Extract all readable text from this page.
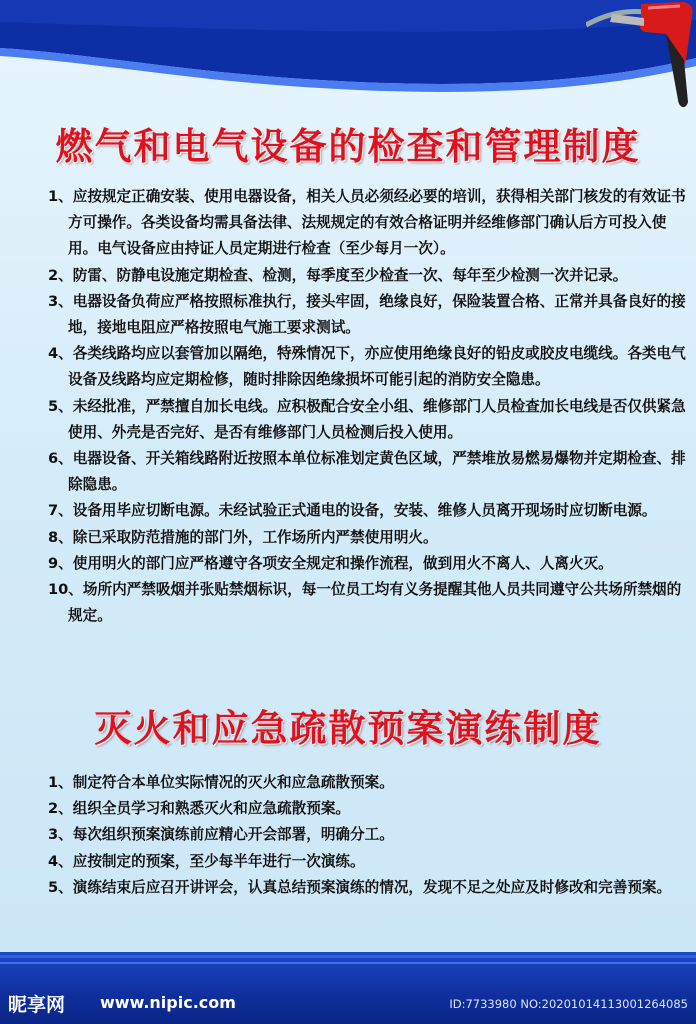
燃气和电气设备的检查和管理制度

1、应按规定正确安装、使用电器设备，相关人员必须经必要的培训，获得相关部门核发的有效证书方可操作。各类设备均需具备法律、法规规定的有效合格证明并经维修部门确认后方可投入使用。电气设备应由持证人员定期进行检查（至少每月一次）。

2、防雷、防静电设施定期检查、检测，每季度至少检查一次、每年至少检测一次并记录。

3、电器设备负荷应严格按照标准执行，接头牢固，绝缘良好，保险装置合格、正常并具备良好的接地，接地电阻应严格按照电气施工要求测试。

4、各类线路均应以套管加以隔绝，特殊情况下，亦应使用绝缘良好的铅皮或胶皮电缆线。各类电气设备及线路均应定期检修，随时排除因绝缘损坏可能引起的消防安全隐患。

5、未经批准，严禁擅自加长电线。应积极配合安全小组、维修部门人员检查加长电线是否仅供紧急使用、外壳是否完好、是否有维修部门人员检测后投入使用。

6、电器设备、开关箱线路附近按照本单位标准划定黄色区域，严禁堆放易燃易爆物并定期检查、排除隐患。

7、设备用毕应切断电源。未经试验正式通电的设备，安装、维修人员离开现场时应切断电源。

8、除已采取防范措施的部门外，工作场所内严禁使用明火。

9、使用明火的部门应严格遵守各项安全规定和操作流程，做到用火不离人、人离火灭。

10、场所内严禁吸烟并张贴禁烟标识，每一位员工均有义务提醒其他人员共同遵守公共场所禁烟的规定。

灭火和应急疏散预案演练制度

1、制定符合本单位实际情况的灭火和应急疏散预案。

2、组织全员学习和熟悉灭火和应急疏散预案。

3、每次组织预案演练前应精心开会部署，明确分工。

4、应按制定的预案，至少每半年进行一次演练。

5、演练结束后应召开讲评会，认真总结预案演练的情况，发现不足之处应及时修改和完善预案。

昵享网 www.nipic.com	ID:7733980 NO:20201014113001264085
